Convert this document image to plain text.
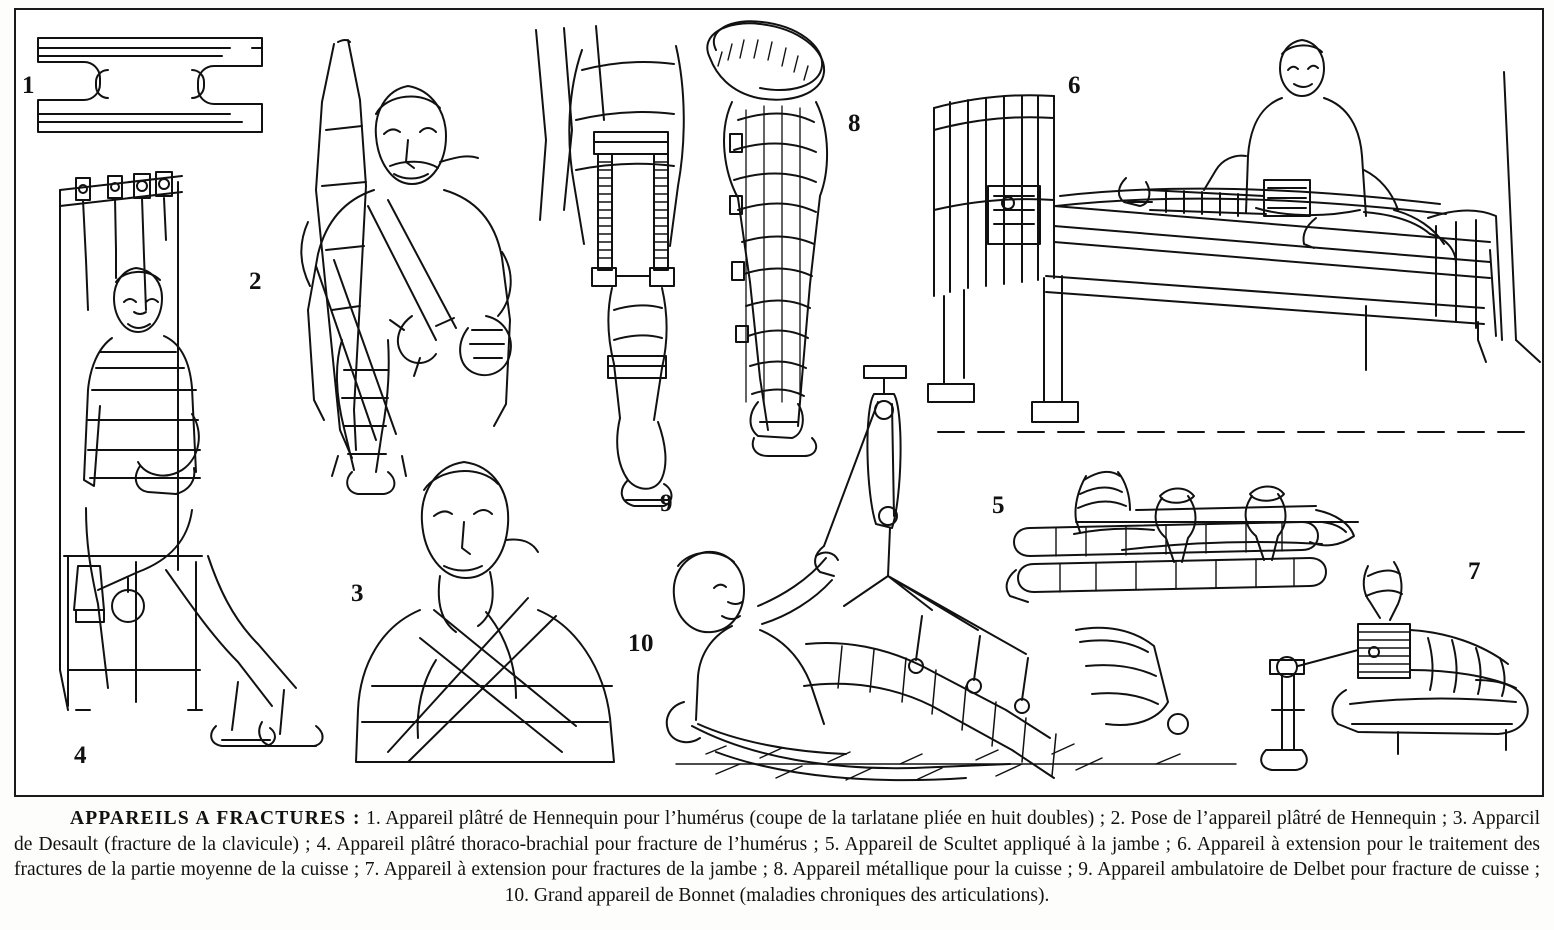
1
2
3
4
5
6
7
8
9
10
APPAREILS A FRACTURES : 1. Appareil plâtré de Hennequin pour l’humérus (coupe de la tarlatane pliée en huit doubles) ; 2. Pose de l’appareil plâtré de Hennequin ; 3. Apparcil de Desault (fracture de la clavicule) ; 4. Appareil plâtré thoraco-brachial pour fracture de l’humérus ; 5. Appareil de Scultet appliqué à la jambe ; 6. Appareil à extension pour le traitement des fractures de la partie moyenne de la cuisse ; 7. Appareil à extension pour fractures de la jambe ; 8. Appareil métallique pour la cuisse ; 9. Appareil ambulatoire de Delbet pour fracture de cuisse ; 10. Grand appareil de Bonnet (maladies chroniques des articulations).
